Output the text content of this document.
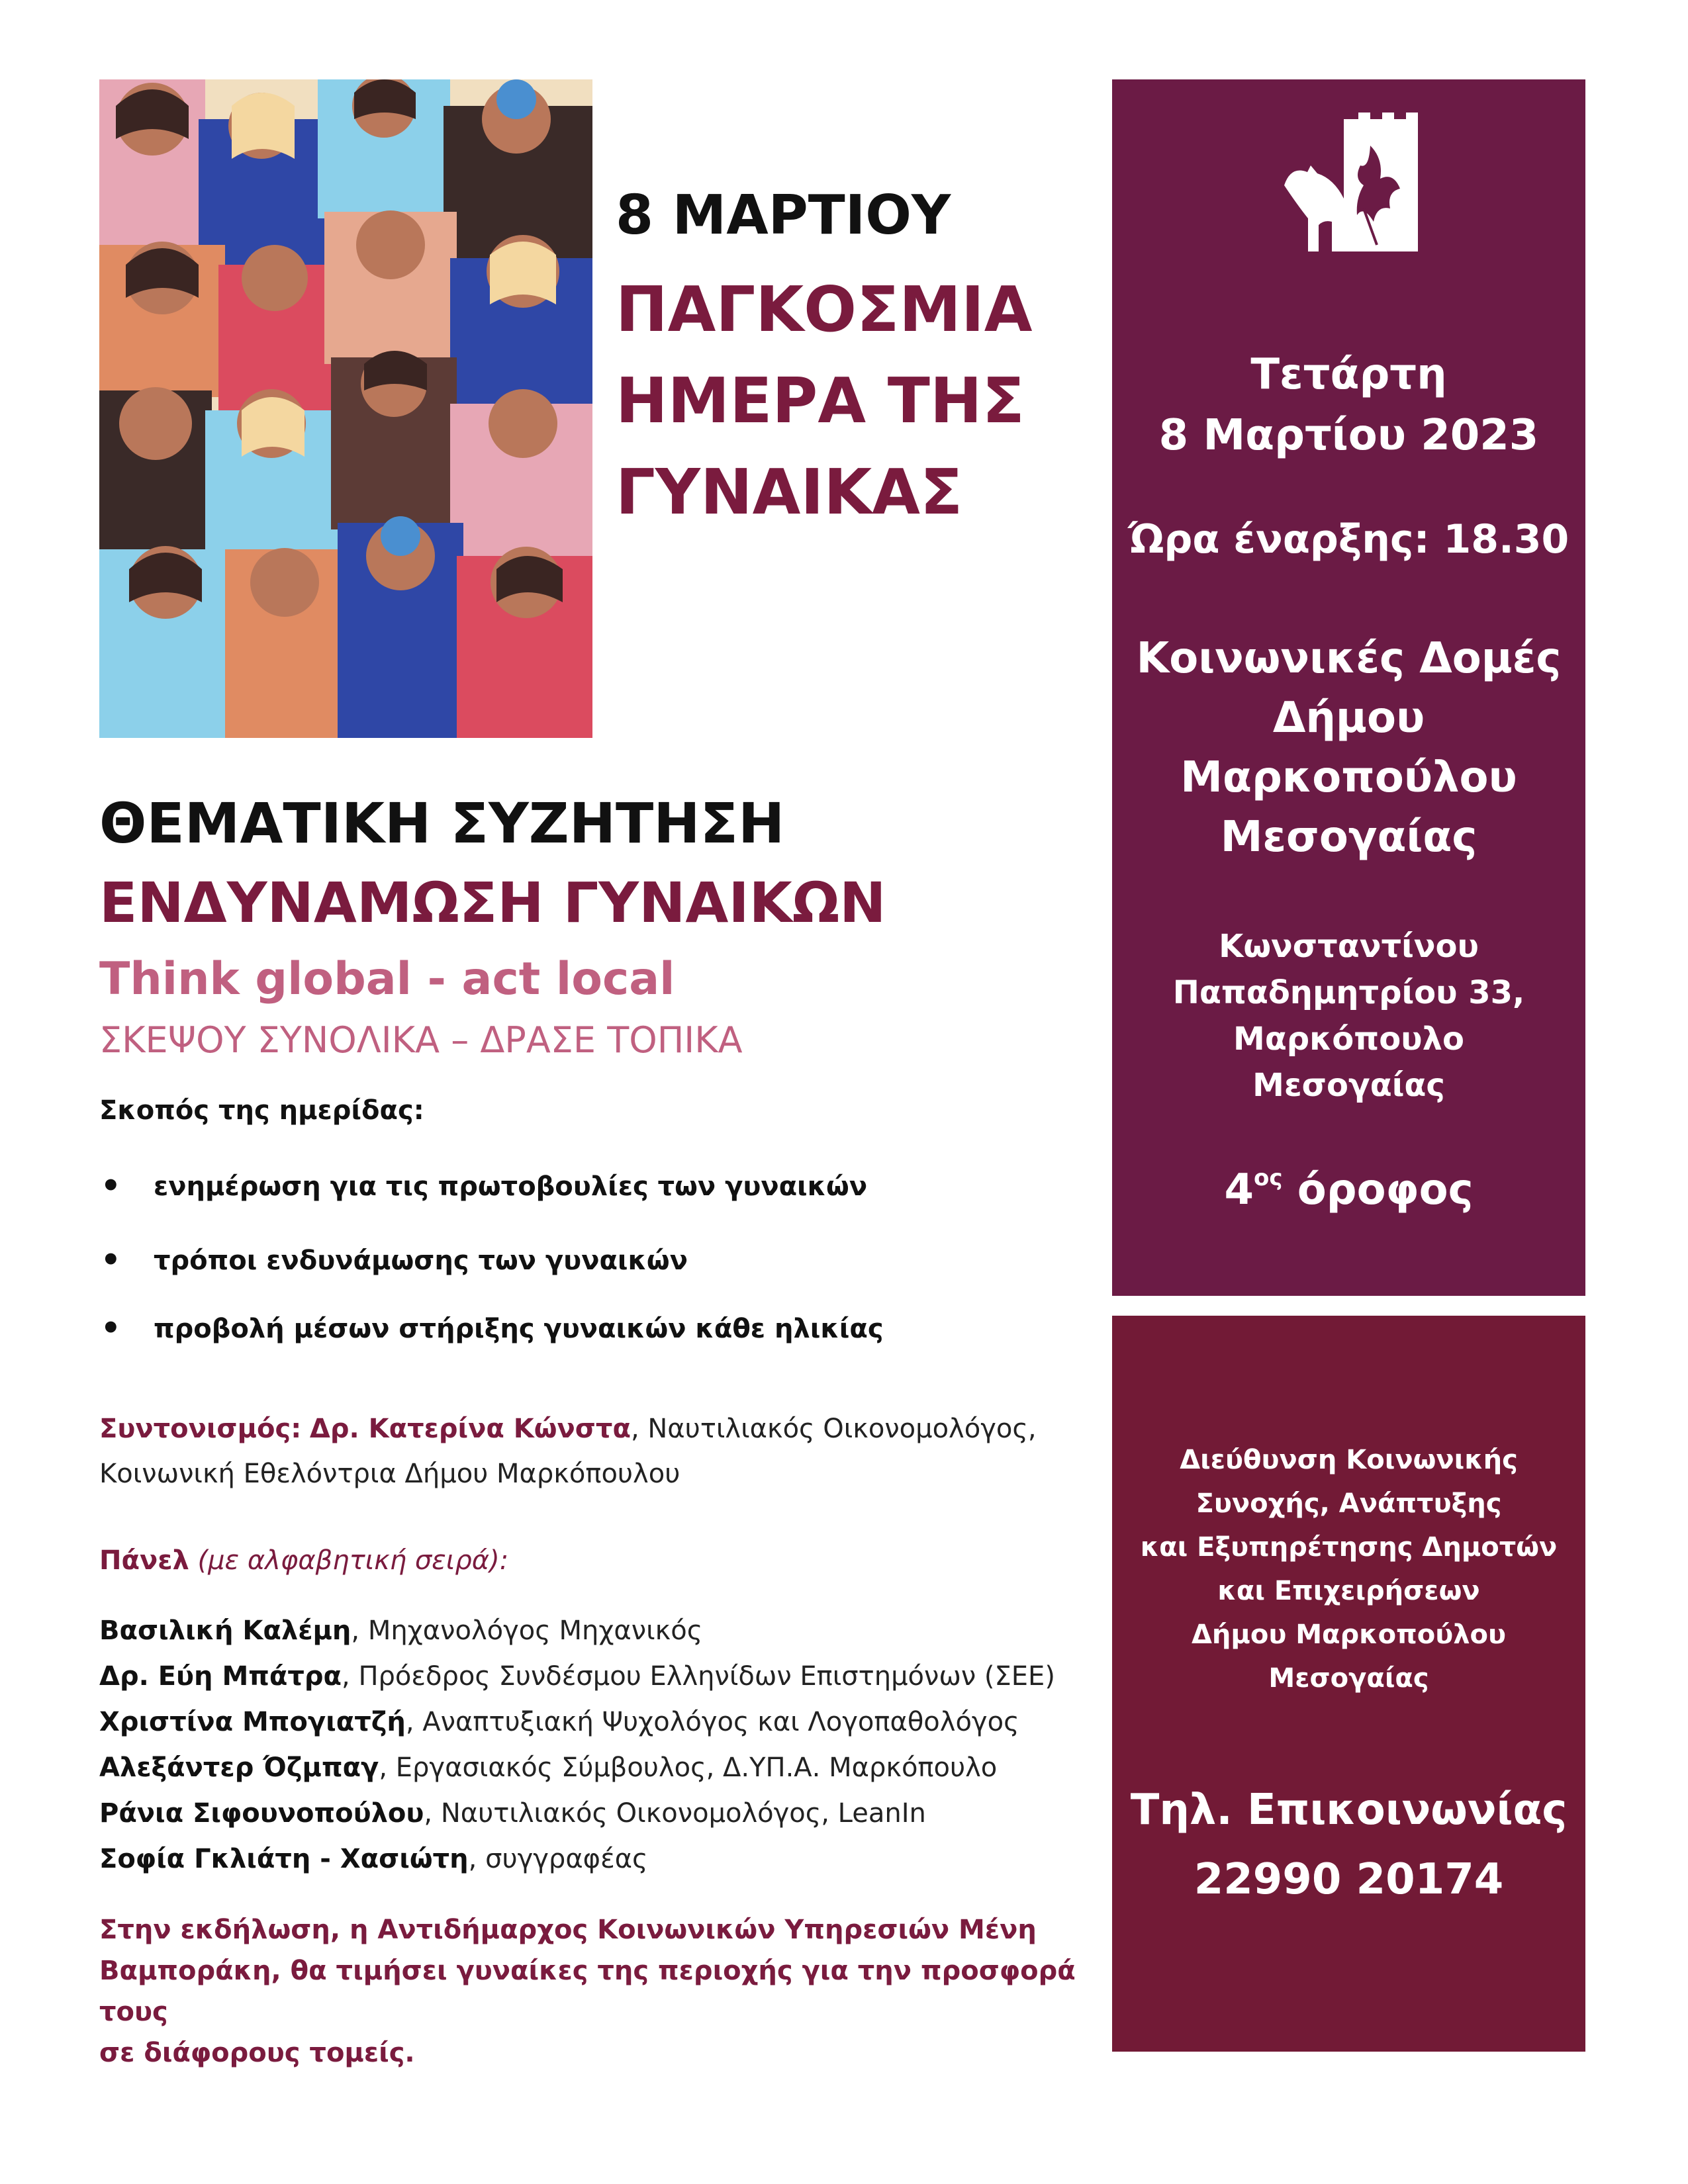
8 ΜΑΡΤΙΟΥ
ΠΑΓΚΟΣΜΙΑ
ΗΜΕΡΑ ΤΗΣ
ΓΥΝΑΙΚΑΣ
ΘΕΜΑΤΙΚΗ ΣΥΖΗΤΗΣΗ
ΕΝΔΥΝΑΜΩΣΗ ΓΥΝΑΙΚΩΝ
Think global - act local
ΣΚΕΨΟΥ ΣΥΝΟΛΙΚΑ – ΔΡΑΣΕ ΤΟΠΙΚΑ
Σκοπός της ημερίδας:
• ενημέρωση για τις πρωτοβουλίες των γυναικών
• τρόποι ενδυνάμωσης των γυναικών
• προβολή μέσων στήριξης γυναικών κάθε ηλικίας
Συντονισμός: Δρ. Κατερίνα Κώνστα, Ναυτιλιακός Οικονομολόγος,
Κοινωνική Εθελόντρια Δήμου Μαρκόπουλου
Πάνελ (με αλφαβητική σειρά):
Βασιλική Καλέμη, Μηχανολόγος Μηχανικός
Δρ. Εύη Μπάτρα, Πρόεδρος Συνδέσμου Ελληνίδων Επιστημόνων (ΣΕΕ)
Χριστίνα Μπογιατζή, Αναπτυξιακή Ψυχολόγος και Λογοπαθολόγος
Αλεξάντερ Όζμπαγ, Εργασιακός Σύμβουλος, Δ.ΥΠ.Α. Μαρκόπουλο
Ράνια Σιφουνοπούλου, Ναυτιλιακός Οικονομολόγος, LeanIn
Σοφία Γκλιάτη - Χασιώτη, συγγραφέας
Στην εκδήλωση, η Αντιδήμαρχος Κοινωνικών Υπηρεσιών Μένη
Βαμποράκη, θα τιμήσει γυναίκες της περιοχής για την προσφορά τους
σε διάφορους τομείς.
Τετάρτη
8 Μαρτίου 2023
Ώρα έναρξης: 18.30
Κοινωνικές Δομές
Δήμου
Μαρκοπούλου
Μεσογαίας
Κωνσταντίνου
Παπαδημητρίου 33,
Μαρκόπουλο
Μεσογαίας
$4^{o\varsigma}$ όροφος
Διεύθυνση Κοινωνικής
Συνοχής, Ανάπτυξης
και Εξυπηρέτησης Δημοτών
και Επιχειρήσεων
Δήμου Μαρκοπούλου
Μεσογαίας
Τηλ. Επικοινωνίας
22990 20174
